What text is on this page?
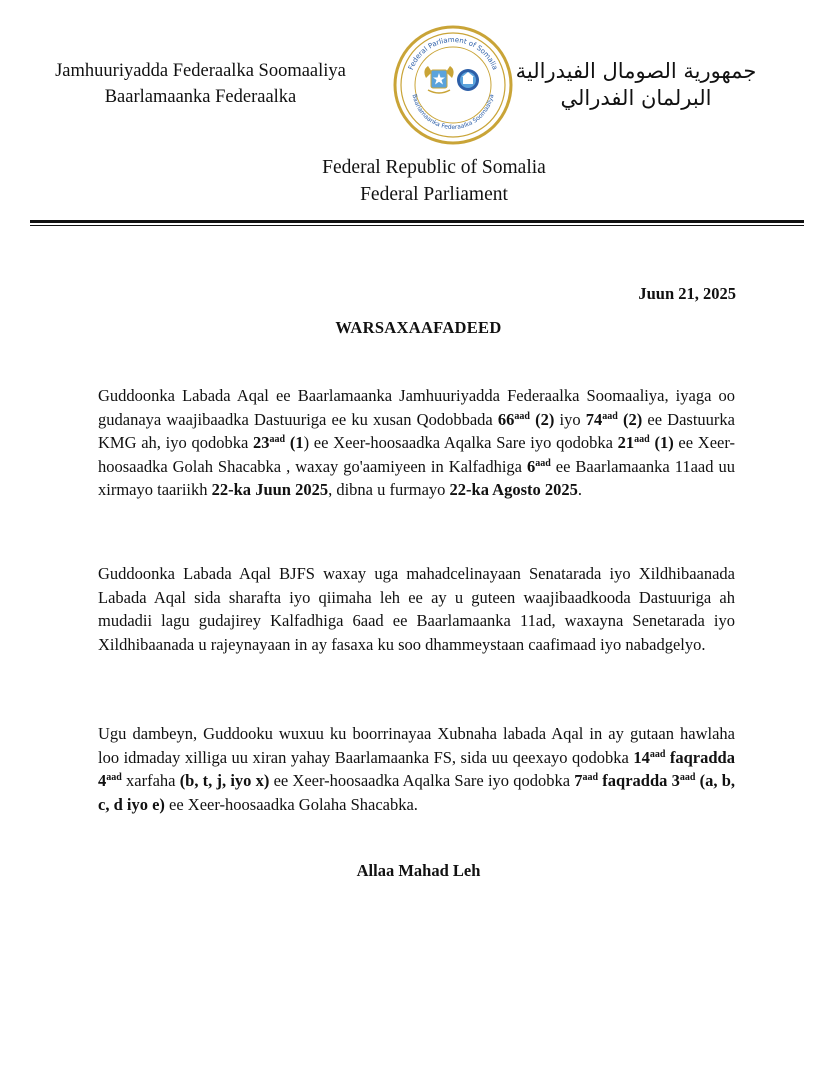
Jamhuuriyadda Federaalka Soomaaliya
Baarlamaanka Federaalka
Federal Parliament of Somalia
Baarlamaanka Federaalka Soomaaliya
جمهورية الصومال الفيدرالية
البرلمان الفدرالي
Federal Republic of Somalia
Federal Parliament
Juun 21, 2025
WARSAXAAFADEED
Guddoonka Labada Aqal ee Baarlamaanka Jamhuuriyadda Federaalka Soomaaliya, iyaga oo gudanaya waajibaadka Dastuuriga ee ku xusan Qodobbada $66^{aad}$ (2) iyo $74^{aad}$ (2) ee Dastuurka KMG ah, iyo qodobka $23^{aad}$ (1) ee Xeer-hoosaadka Aqalka Sare iyo qodobka $21^{aad}$ (1) ee Xeer-hoosaadka Golah Shacabka , waxay go'aamiyeen in Kalfadhiga $6^{aad}$ ee Baarlamaanka 11aad uu xirmayo taariikh 22-ka Juun 2025, dibna u furmayo 22-ka Agosto 2025.
Guddoonka Labada Aqal BJFS waxay uga mahadcelinayaan Senatarada iyo Xildhibaanada Labada Aqal sida sharafta iyo qiimaha leh ee ay u guteen waajibaadkooda Dastuuriga ah mudadii lagu gudajirey Kalfadhiga 6aad ee Baarlamaanka 11ad, waxayna Senetarada iyo Xildhibaanada u rajeynayaan in ay fasaxa ku soo dhammeystaan caafimaad iyo nabadgelyo.
Ugu dambeyn, Guddooku wuxuu ku boorrinayaa Xubnaha labada Aqal in ay gutaan hawlaha loo idmaday xilliga uu xiran yahay Baarlamaanka FS, sida uu qeexayo qodobka $14^{aad}$ faqradda $4^{aad}$ xarfaha (b, t, j, iyo x) ee Xeer-hoosaadka Aqalka Sare iyo qodobka $7^{aad}$ faqradda $3^{aad}$ (a, b, c, d iyo e) ee Xeer-hoosaadka Golaha Shacabka.
Allaa Mahad Leh
